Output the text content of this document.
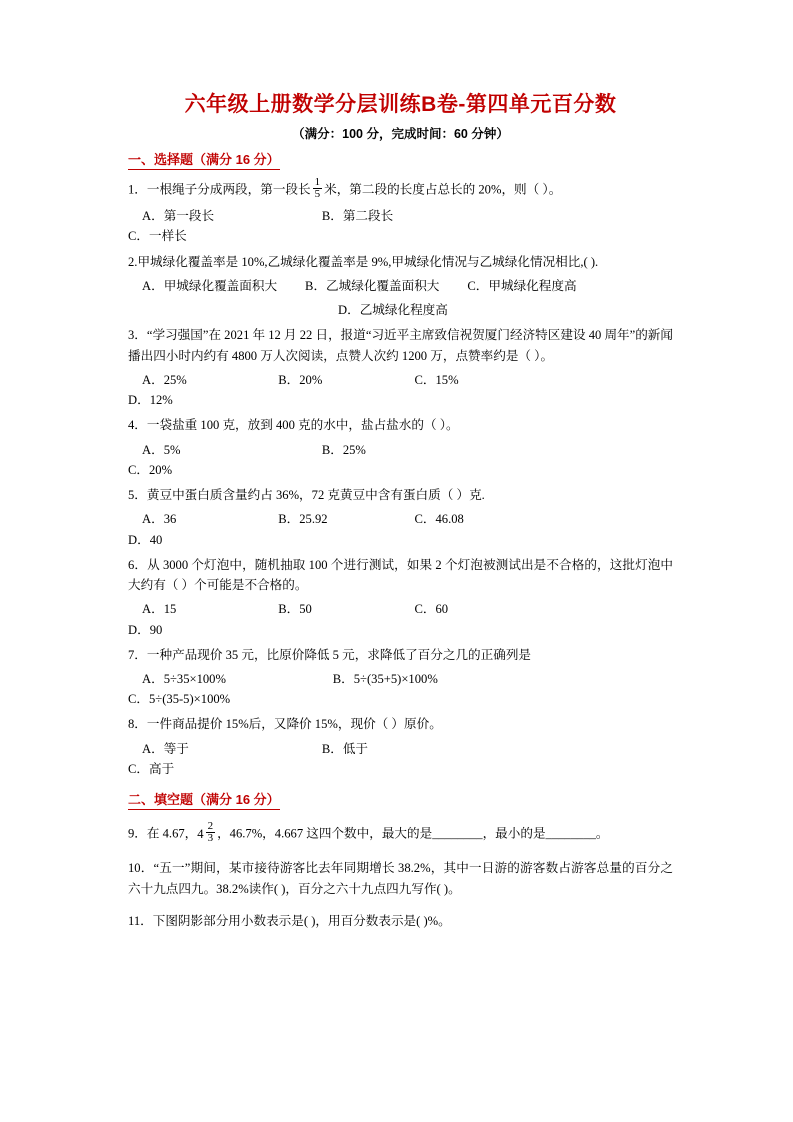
六年级上册数学分层训练B卷-第四单元百分数
（满分：100 分，完成时间：60 分钟）
一、选择题（满分 16 分）
1．一根绳子分成两段，第一段长 $\frac{1}{5}$ 米，第二段的长度占总长的 20%，则（ ）。
A．第一段长	B．第二段长
C．一样长
2.甲城绿化覆盖率是 10%,乙城绿化覆盖率是 9%,甲城绿化情况与乙城绿化情况相比,( ).
A．甲城绿化覆盖面积大	B．乙城绿化覆盖面积大	C．甲城绿化程度高
D．乙城绿化程度高
3．“学习强国”在 2021 年 12 月 22 日，报道“习近平主席致信祝贺厦门经济特区建设 40 周年”的新闻播出四小时内约有 4800 万人次阅读，点赞人次约 1200 万，点赞率约是（ ）。
A．25%	B．20%	C．15%
D．12%
4．一袋盐重 100 克，放到 400 克的水中，盐占盐水的（ ）。
A．5%	B．25%
C．20%
5．黄豆中蛋白质含量约占 36%，72 克黄豆中含有蛋白质（ ）克.
A．36	B．25.92	C．46.08
D．40
6．从 3000 个灯泡中，随机抽取 100 个进行测试，如果 2 个灯泡被测试出是不合格的，这批灯泡中大约有（ ）个可能是不合格的。
A．15	B．50	C．60
D．90
7．一种产品现价 35 元，比原价降低 5 元，求降低了百分之几的正确列是
A．5÷35×100%	B．5÷(35+5)×100%
C．5÷(35-5)×100%
8．一件商品提价 15%后，又降价 15%，现价（ ）原价。
A．等于	B．低于
C．高于
二、填空题（满分 16 分）
9．在 4.67， $4 \frac{2}{3}$ ，46.7%，4.667 这四个数中，最大的是________，最小的是________。
10．“五一”期间，某市接待游客比去年同期增长 38.2%，其中一日游的游客数占游客总量的百分之六十九点四九。38.2%读作( )，百分之六十九点四九写作( )。
11．下图阴影部分用小数表示是( )，用百分数表示是( )%。
